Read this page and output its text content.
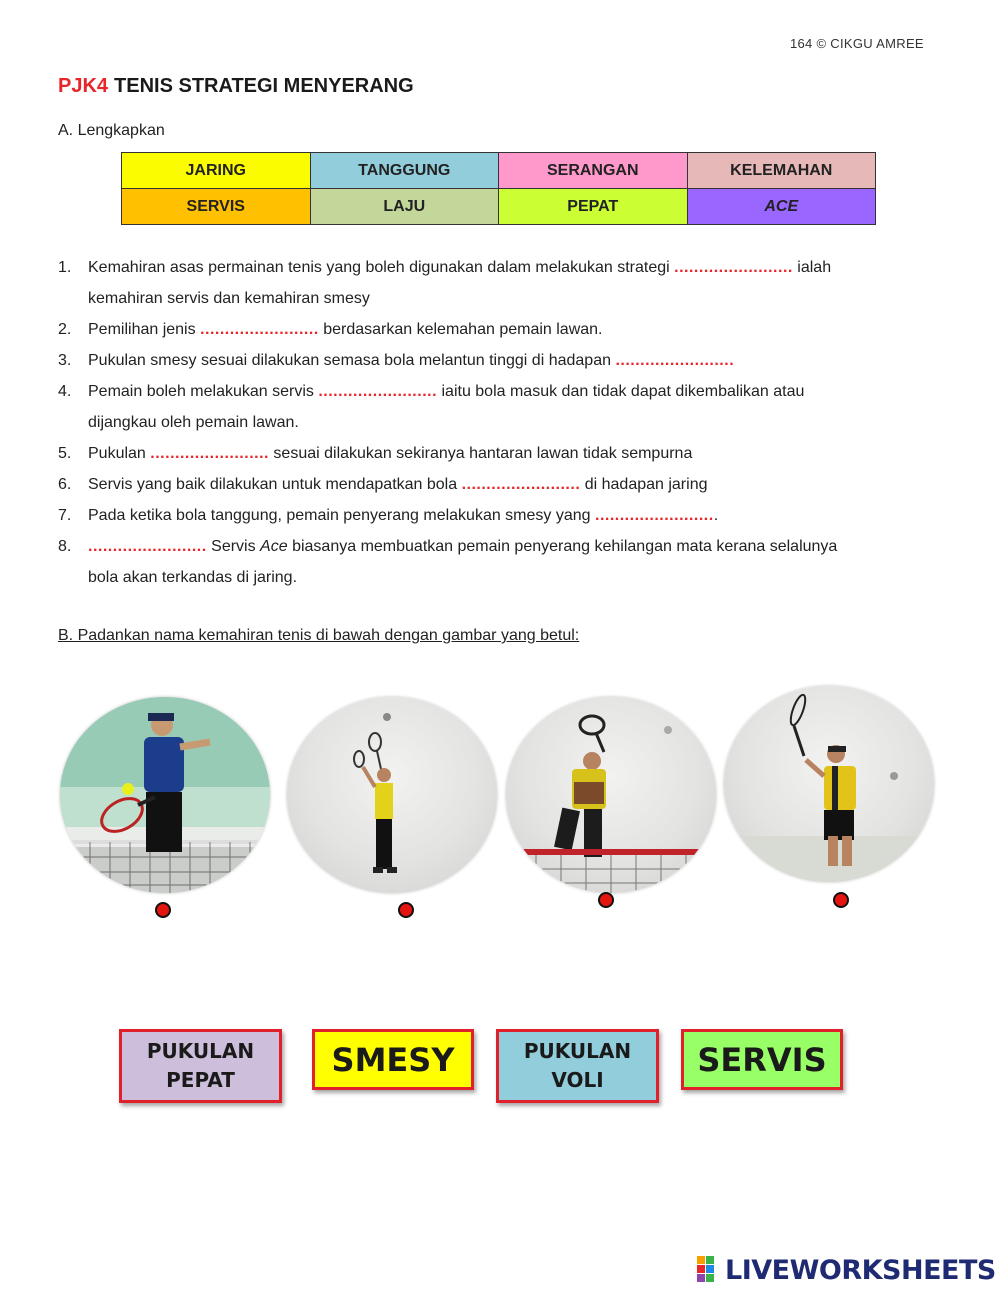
164 © CIKGU AMREE
PJK4 TENIS STRATEGI MENYERANG
A. Lengkapkan
JARING	TANGGUNG	SERANGAN	KELEMAHAN
SERVIS	LAJU	PEPAT	ACE
1.	Kemahiran asas permainan tenis yang boleh digunakan dalam melakukan strategi ........................ ialah
kemahiran servis dan kemahiran smesy
2.	Pemilihan jenis ........................ berdasarkan kelemahan pemain lawan.
3.	Pukulan smesy sesuai dilakukan semasa bola melantun tinggi di hadapan ........................
4.	Pemain boleh melakukan servis ........................ iaitu bola masuk dan tidak dapat dikembalikan atau
dijangkau oleh pemain lawan.
5.	Pukulan ........................ sesuai dilakukan sekiranya hantaran lawan tidak sempurna
6.	Servis yang baik dilakukan untuk mendapatkan bola ........................ di hadapan jaring
7.	Pada ketika bola tanggung, pemain penyerang melakukan smesy yang .........................
8.	........................ Servis Ace biasanya membuatkan pemain penyerang kehilangan mata kerana selalunya
bola akan terkandas di jaring.
B. Padankan nama kemahiran tenis di bawah dengan gambar yang betul:
PUKULAN
PEPAT
SMESY	PUKULAN
VOLI
SERVIS
LIVEWORKSHEETS
